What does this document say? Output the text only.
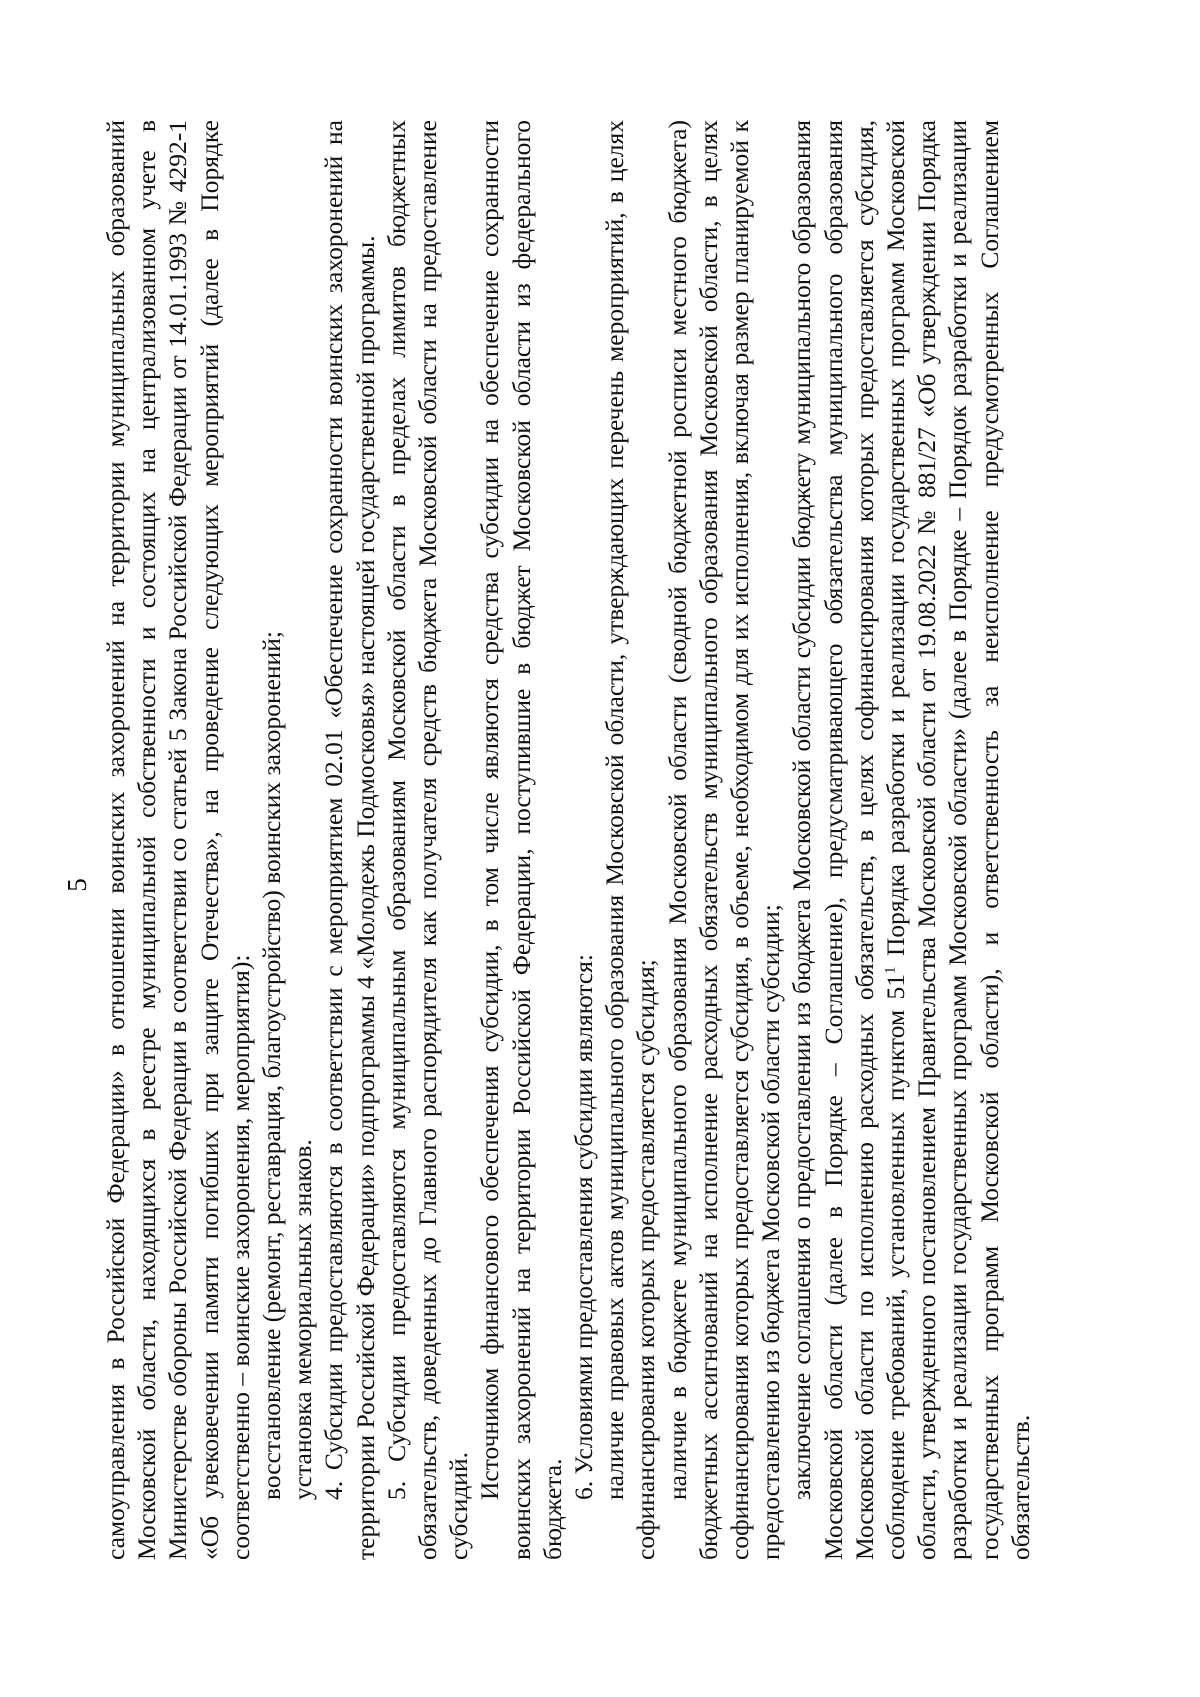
5 самоуправления в Российской Федерации» в отношении воинских захоронений на территории муниципальных образований Московской области, находящихся в реестре муниципальной собственности и состоящих на централизованном учете в Министерстве обороны Российской Федерации в соответствии со статьей 5 Закона Российской Федерации от 14.01.1993 № 4292-1 «Об увековечении памяти погибших при защите Отечества», на проведение следующих мероприятий (далее в Порядке соответственно – воинские захоронения, мероприятия): восстановление (ремонт, реставрация, благоустройство) воинских захоронений; установка мемориальных знаков. 4. Субсидии предоставляются в соответствии с мероприятием 02.01 «Обеспечение сохранности воинских захоронений на территории Российской Федерации» подпрограммы 4 «Молодежь Подмосковья» настоящей государственной программы. 5. Субсидии предоставляются муниципальным образованиям Московской области в пределах лимитов бюджетных обязательств, доведенных до Главного распорядителя как получателя средств бюджета Московской области на предоставление субсидий.

Источником финансового обеспечения субсидии, в том числе являются средства субсидии на обеспечение сохранности воинских захоронений на территории Российской Федерации, поступившие в бюджет Московской области из федерального бюджета.

6. Условиями предоставления субсидии являются: наличие правовых актов муниципального образования Московской области, утверждающих перечень мероприятий, в целях софинансирования которых предоставляется субсидия; наличие в бюджете муниципального образования Московской области (сводной бюджетной росписи местного бюджета) бюджетных ассигнований на исполнение расходных обязательств муниципального образования Московской области, в целях софинансирования которых предоставляется субсидия, в объеме, необходимом для их исполнения, включая размер планируемой к предоставлению из бюджета Московской области субсидии; заключение соглашения о предоставлении из бюджета Московской области субсидии бюджету муниципального образования Московской области (далее в Порядке – Соглашение), предусматривающего обязательства муниципального образования Московской области по исполнению расходных обязательств, в целях софинансирования которых предоставляется субсидия, соблюдение требований, установленных пунктом $51^1$ Порядка разработки и реализации государственных программ Московской области, утвержденного постановлением Правительства Московской области от 19.08.2022 № 881/27 «Об утверждении Порядка разработки и реализации государственных программ Московской области» (далее в Порядке – Порядок разработки и реализации государственных программ Московской области), и ответственность за неисполнение предусмотренных Соглашением обязательств.
